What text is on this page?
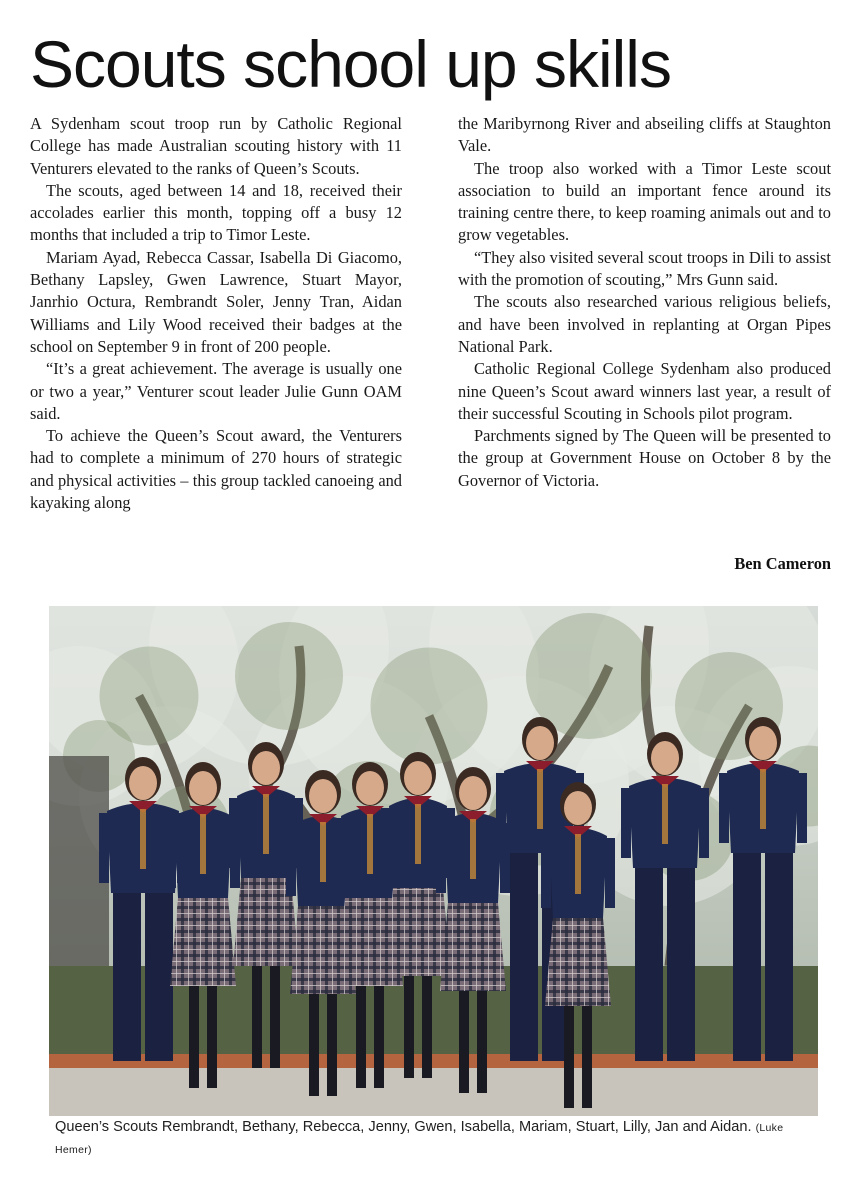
Scouts school up skills

A Sydenham scout troop run by Catholic Regional College has made Australian scouting history with 11 Venturers elevated to the ranks of Queen’s Scouts.

The scouts, aged between 14 and 18, received their accolades earlier this month, topping off a busy 12 months that included a trip to Timor Leste.

Mariam Ayad, Rebecca Cassar, Isabella Di Giacomo, Bethany Lapsley, Gwen Lawrence, Stuart Mayor, Janrhio Octura, Rembrandt Soler, Jenny Tran, Aidan Williams and Lily Wood received their badges at the school on September 9 in front of 200 people.

“It’s a great achievement. The average is usually one or two a year,” Venturer scout leader Julie Gunn OAM said.

To achieve the Queen’s Scout award, the Venturers had to complete a minimum of 270 hours of strategic and physical activities – this group tackled canoeing and kayaking along

the Maribyrnong River and abseiling cliffs at Staughton Vale.

The troop also worked with a Timor Leste scout association to build an important fence around its training centre there, to keep roaming animals out and to grow vegetables.

“They also visited several scout troops in Dili to assist with the promotion of scouting,” Mrs Gunn said.

The scouts also researched various religious beliefs, and have been involved in replanting at Organ Pipes National Park.

Catholic Regional College Sydenham also produced nine Queen’s Scout award winners last year, a result of their successful Scouting in Schools pilot program.

Parchments signed by The Queen will be presented to the group at Government House on October 8 by the Governor of Victoria.

Ben Cameron
Queen’s Scouts Rembrandt, Bethany, Rebecca, Jenny, Gwen, Isabella, Mariam, Stuart, Lilly, Jan and Aidan. (Luke Hemer)
